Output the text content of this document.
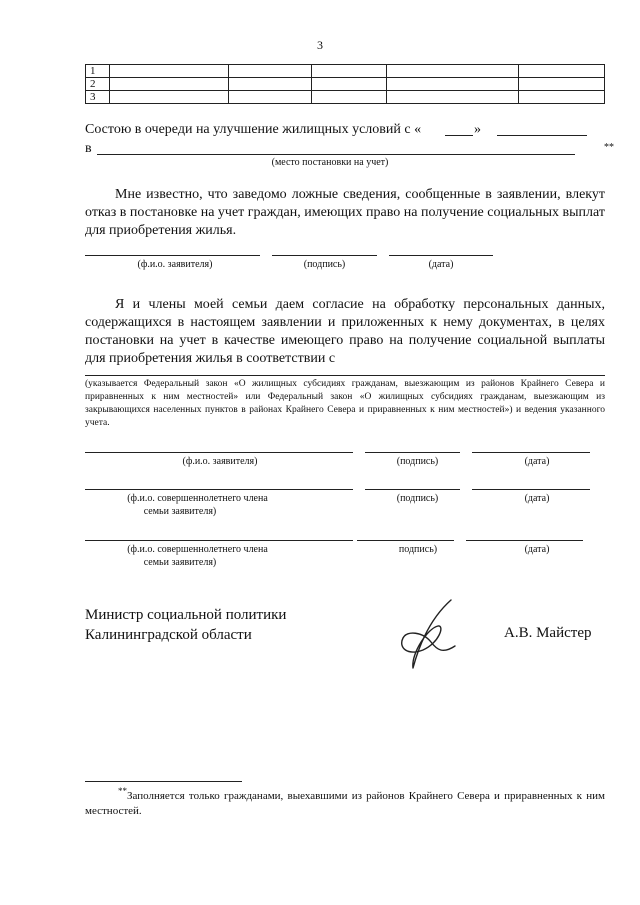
3
1					
2					
3					
Состою в очереди на улучшение жилищных условий с «	»
в	**
(место постановки на учет)
Мне известно, что заведомо ложные сведения, сообщенные в заявлении, влекут отказ в постановке на учет граждан, имеющих право на получение социальных выплат для приобретения жилья.
(ф.и.о. заявителя)	(подпись)	(дата)
Я и члены моей семьи даем согласие на обработку персональных данных, содержащихся в настоящем заявлении и приложенных к нему документах, в целях постановки на учет в качестве имеющего право на получение социальной выплаты для приобретения жилья в соответствии с
(указывается Федеральный закон «О жилищных субсидиях гражданам, выезжающим из районов Крайнего Севера и приравненных к ним местностей» или Федеральный закон «О жилищных субсидиях гражданам, выезжающим из закрывающихся населенных пунктов в районах Крайнего Севера и приравненных к ним местностей») и ведения указанного учета.
(ф.и.о. заявителя)	(подпись)	(дата)
(ф.и.о. совершеннолетнего члена
семьи заявителя)
(подпись)	(дата)
(ф.и.о. совершеннолетнего члена
семьи заявителя)
подпись)	(дата)
Министр социальной политики
Калининградской области	А.В. Майстер
** Заполняется только гражданами, выехавшими из районов Крайнего Севера и приравненных к ним местностей.
